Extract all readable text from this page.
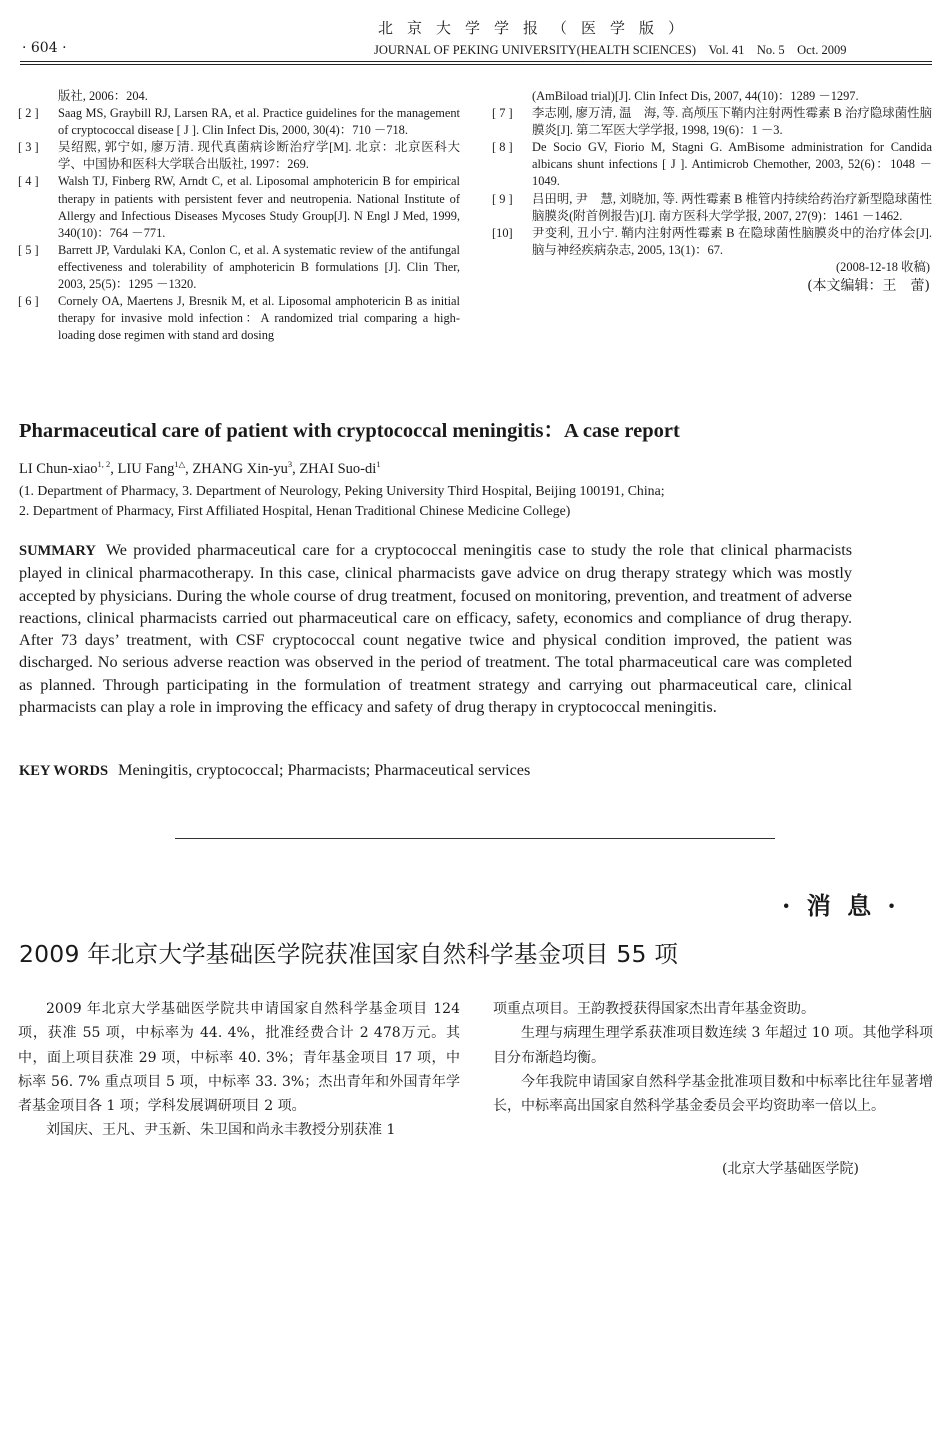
· 604 ·
北京大学学报（医学版）
JOURNAL OF PEKING UNIVERSITY(HEALTH SCIENCES)　Vol. 41　No. 5　Oct. 2009
版社, 2006：204.
[ 2 ]	Saag MS, Graybill RJ, Larsen RA, et al. Practice guidelines for the management of cryptococcal disease [ J ]. Clin Infect Dis, 2000, 30(4)：710 －718.
[ 3 ]	吴绍熙, 郭宁如, 廖万清. 现代真菌病诊断治疗学[M]. 北京：北京医科大学、中国协和医科大学联合出版社, 1997：269.
[ 4 ]	Walsh TJ, Finberg RW, Arndt C, et al. Liposomal amphotericin B for empirical therapy in patients with persistent fever and neutropenia. National Institute of Allergy and Infectious Diseases Mycoses Study Group[J]. N Engl J Med, 1999, 340(10)：764 －771.
[ 5 ]	Barrett JP, Vardulaki KA, Conlon C, et al. A systematic review of the antifungal effectiveness and tolerability of amphotericin B formulations [J]. Clin Ther, 2003, 25(5)：1295 －1320.
[ 6 ]	Cornely OA, Maertens J, Bresnik M, et al. Liposomal amphotericin B as initial therapy for invasive mold infection：A randomized trial comparing a high-loading dose regimen with stand ard dosing
(AmBiload trial)[J]. Clin Infect Dis, 2007, 44(10)：1289 －1297.
[ 7 ]	李志刚, 廖万清, 温　海, 等. 高颅压下鞘内注射两性霉素 B 治疗隐球菌性脑膜炎[J]. 第二军医大学学报, 1998, 19(6)：1 －3.
[ 8 ]	De Socio GV, Fiorio M, Stagni G. AmBisome administration for Candida albicans shunt infections [ J ]. Antimicrob Chemother, 2003, 52(6)：1048 －1049.
[ 9 ]	吕田明, 尹　慧, 刘晓加, 等. 两性霉素 B 椎管内持续给药治疗新型隐球菌性脑膜炎(附首例报告)[J]. 南方医科大学学报, 2007, 27(9)：1461 －1462.
[10]	尹变利, 丑小宁. 鞘内注射两性霉素 B 在隐球菌性脑膜炎中的治疗体会[J]. 脑与神经疾病杂志, 2005, 13(1)：67.
(2008-12-18 收稿)
(本文编辑：王　蕾)
Pharmaceutical care of patient with cryptococcal meningitis：A case report
LI Chun-xiao$^{1, 2}$, LIU Fang$^{1\triangle}$, ZHANG Xin-$yu^3$, ZHAI Suo-$di^1$
(1. Department of Pharmacy, 3. Department of Neurology, Peking University Third Hospital, Beijing 100191, China;
2. Department of Pharmacy, First Affiliated Hospital, Henan Traditional Chinese Medicine College)
SUMMARY We provided pharmaceutical care for a cryptococcal meningitis case to study the role that clinical pharmacists played in clinical pharmacotherapy. In this case, clinical pharmacists gave advice on drug therapy strategy which was mostly accepted by physicians. During the whole course of drug treatment, focused on monitoring, prevention, and treatment of adverse reactions, clinical pharmacists carried out pharmaceutical care on efficacy, safety, economics and compliance of drug therapy. After 73 days’ treatment, with CSF cryptococcal count negative twice and physical condition improved, the patient was discharged. No serious adverse reaction was observed in the period of treatment. The total pharmaceutical care was completed as planned. Through participating in the formulation of treatment strategy and carrying out pharmaceutical care, clinical pharmacists can play a role in improving the efficacy and safety of drug therapy in cryptococcal meningitis.
KEY WORDS Meningitis, cryptococcal; Pharmacists; Pharmaceutical services
· 消 息 ·
2009 年北京大学基础医学院获准国家自然科学基金项目 55 项

2009 年北京大学基础医学院共申请国家自然科学基金项目 124 项，获准 55 项，中标率为 44. 4%，批准经费合计 2 478万元。其中，面上项目获准 29 项，中标率 40. 3%；青年基金项目 17 项，中标率 56. 7% 重点项目 5 项，中标率 33. 3%；杰出青年和外国青年学者基金项目各 1 项；学科发展调研项目 2 项。

刘国庆、王凡、尹玉新、朱卫国和尚永丰教授分别获准 1

项重点项目。王韵教授获得国家杰出青年基金资助。

生理与病理生理学系获准项目数连续 3 年超过 10 项。其他学科项目分布渐趋均衡。

今年我院申请国家自然科学基金批准项目数和中标率比往年显著增长，中标率高出国家自然科学基金委员会平均资助率一倍以上。

(北京大学基础医学院)
